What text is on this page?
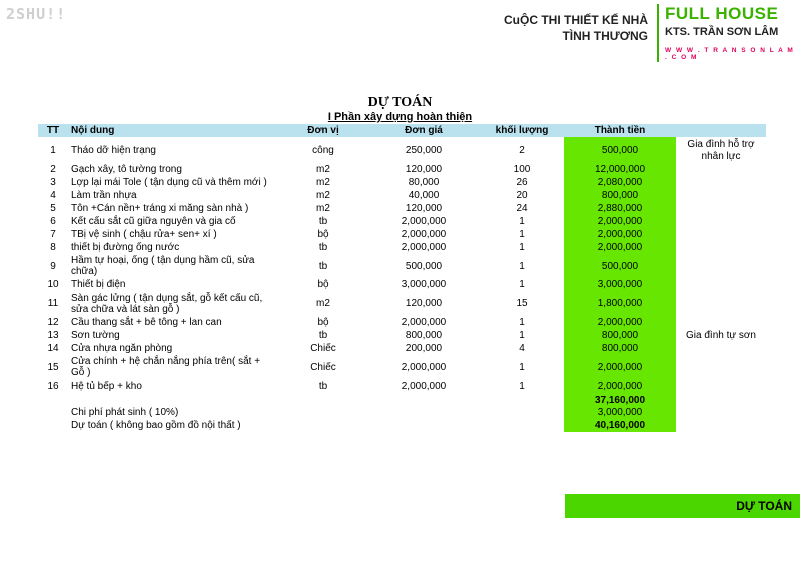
2SHU!!	CuỘC THI THIẾT KẾ NHÀ
TÌNH THƯƠNG
FULL HOUSE
KTS. TRẦN SƠN LÂM
W W W . T R A N S O N L A M . C O M
DỰ TOÁN
I Phần xây dựng hoàn thiện
TT	Nội dung	Đơn vị	Đơn giá	khối lượng	Thành tiền	
1	Tháo dỡ hiện trạng	công	250,000	2	500,000	Gia đình hỗ trợ nhân lực
2	Gạch xây, tô tường trong	m2	120,000	100	12,000,000	
3	Lợp lại mái Tole ( tận dụng cũ và thêm mới )	m2	80,000	26	2,080,000	
4	Làm trần nhựa	m2	40,000	20	800,000	
5	Tôn +Cán nền+ tráng xi măng sàn nhà )	m2	120,000	24	2,880,000	
6	Kết cấu sắt cũ giữa nguyên và gia cố	tb	2,000,000	1	2,000,000	
7	TBị vệ sinh ( chậu rửa+ sen+ xí )	bộ	2,000,000	1	2,000,000	
8	thiết bị đường ống nước	tb	2,000,000	1	2,000,000	
9	Hầm tự hoại, ống ( tận dụng hầm cũ, sửa chữa)	tb	500,000	1	500,000	
10	Thiết bị điện	bộ	3,000,000	1	3,000,000	
11	Sàn gác lửng ( tận dụng sắt, gỗ kết cấu cũ, sửa chữa và lát sàn gỗ )	m2	120,000	15	1,800,000	
12	Cầu thang sắt + bê tông + lan can	bộ	2,000,000	1	2,000,000	
13	Sơn tường	tb	800,000	1	800,000	Gia đình tự sơn
14	Cửa nhựa ngăn phòng	Chiếc	200,000	4	800,000	
15	Cửa chính + hệ chắn nắng phía trên( sắt + Gỗ )	Chiếc	2,000,000	1	2,000,000	
16	Hệ tủ bếp + kho	tb	2,000,000	1	2,000,000	
					37,160,000	
	Chi phí phát sinh ( 10%)				3,000,000	
	Dự toán ( không bao gồm đồ nội thất )				40,160,000	
DỰ TOÁN
